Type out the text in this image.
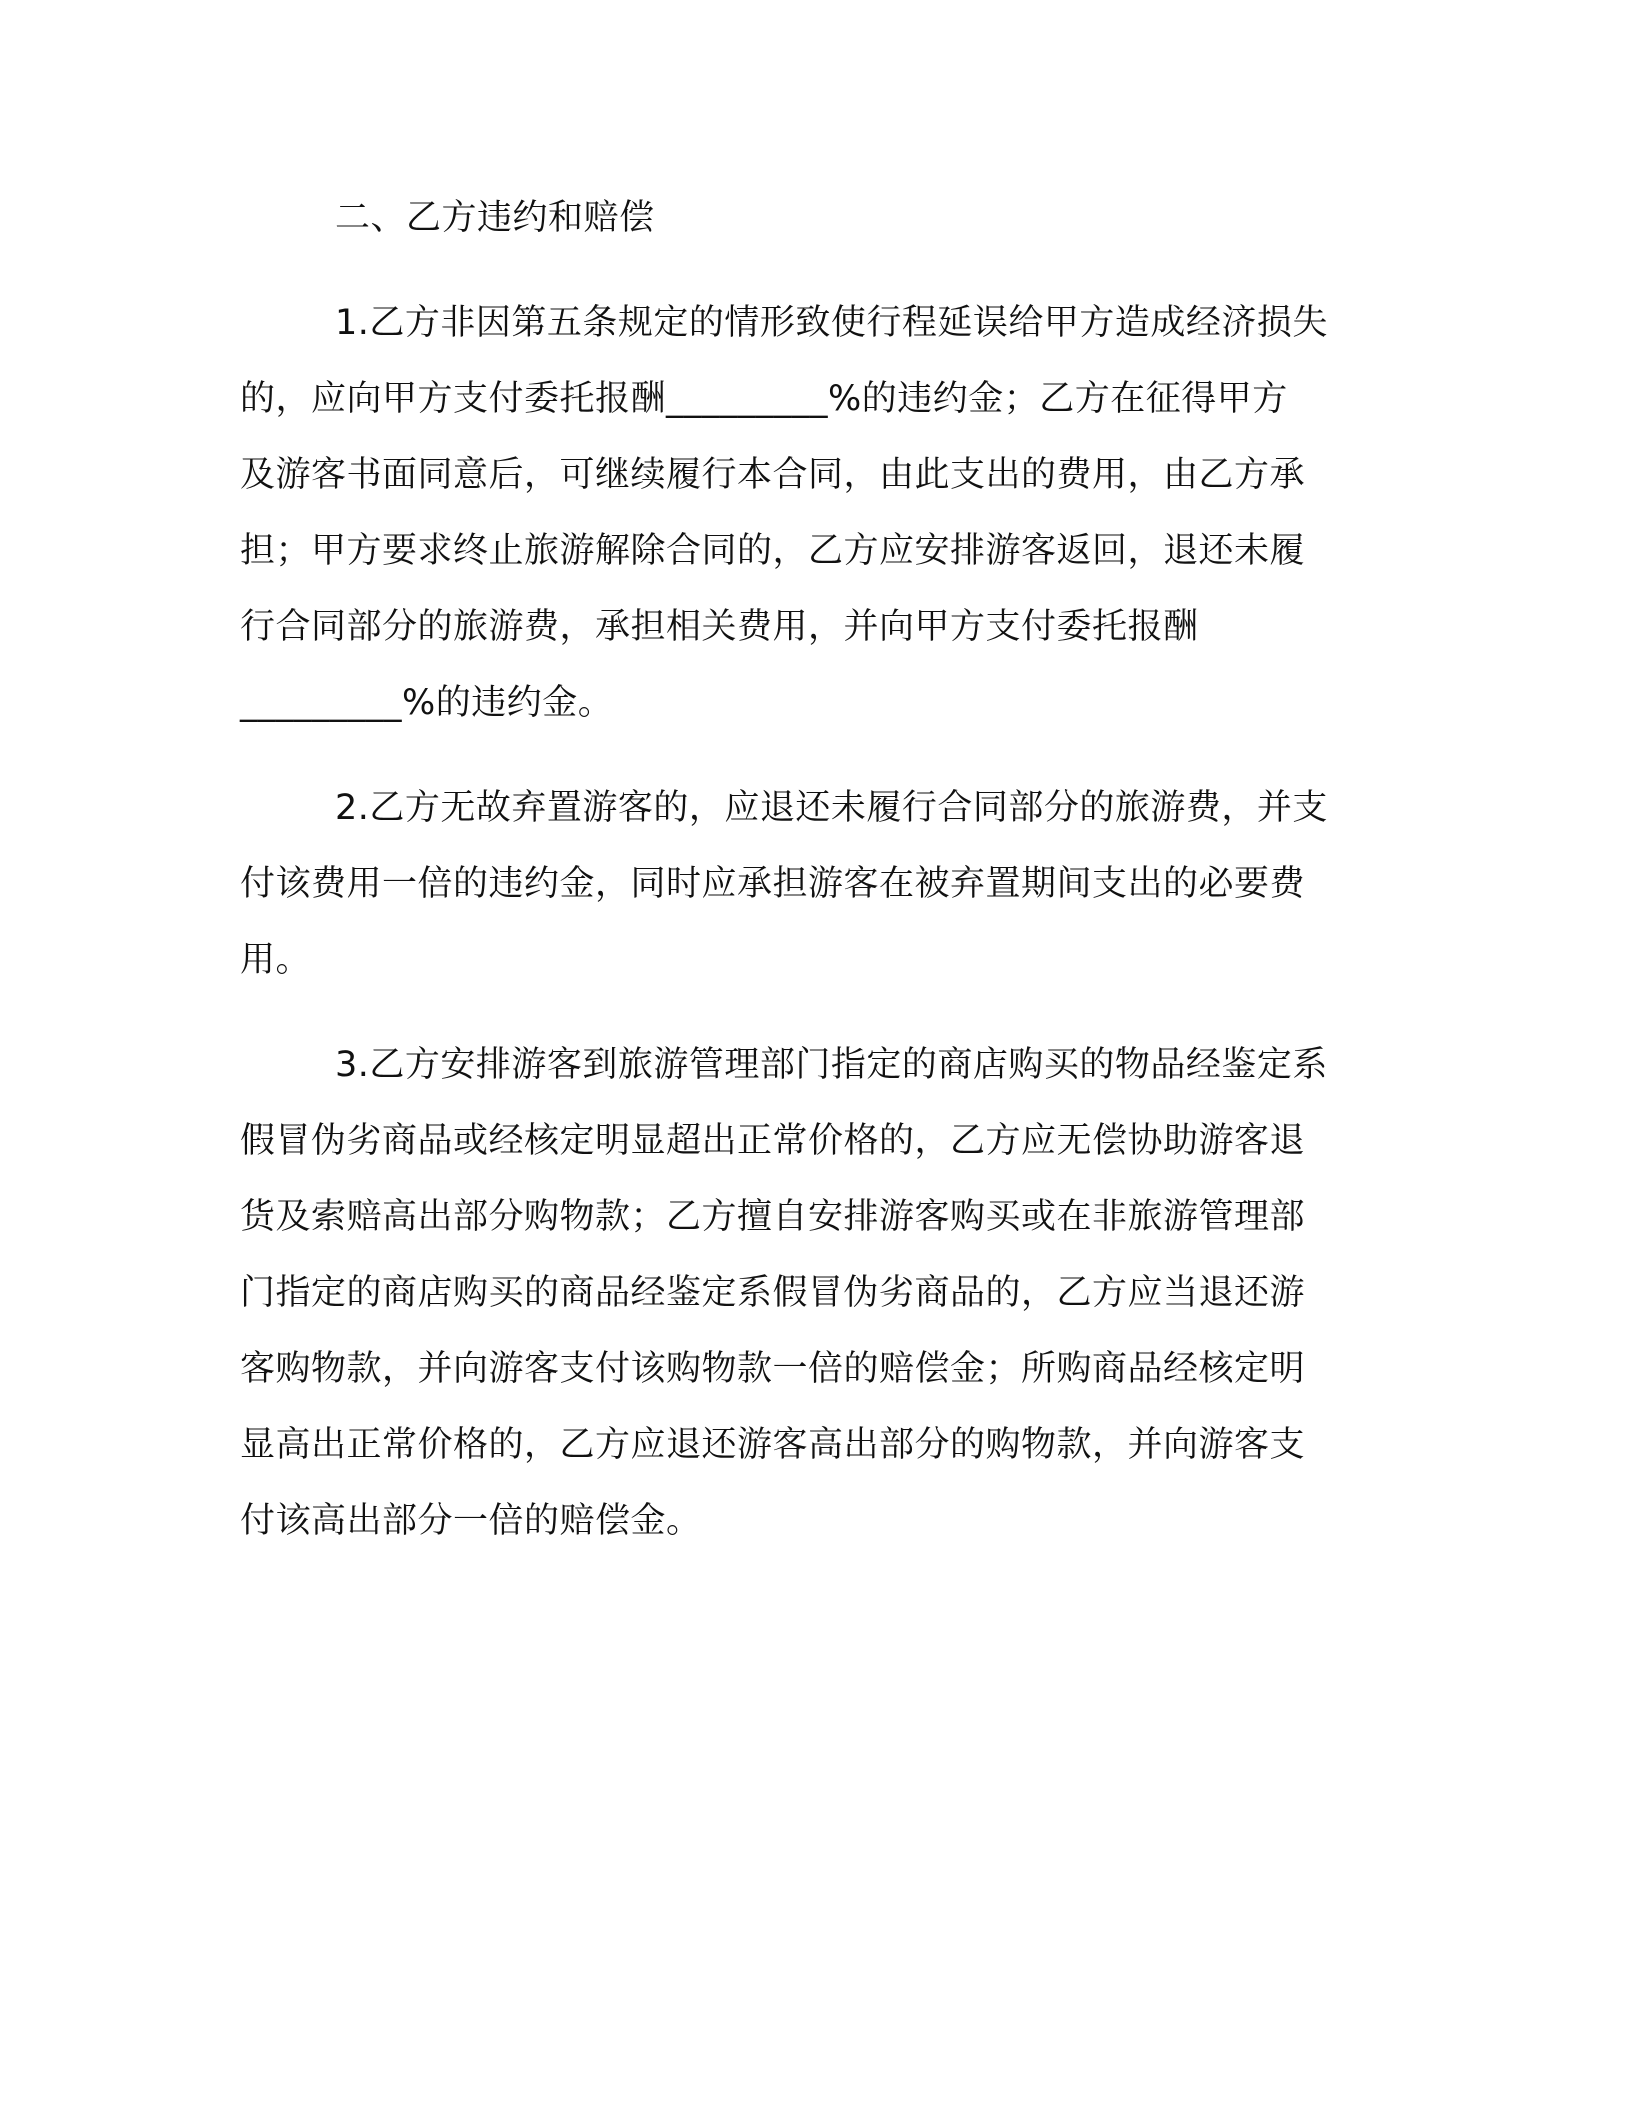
二、乙方违约和赔偿
1.乙方非因第五条规定的情形致使行程延误给甲方造成经济损失
的，应向甲方支付委托报酬_________%的违约金；乙方在征得甲方
及游客书面同意后，可继续履行本合同，由此支出的费用，由乙方承
担；甲方要求终止旅游解除合同的，乙方应安排游客返回，退还未履
行合同部分的旅游费，承担相关费用，并向甲方支付委托报酬
_________%的违约金。
2.乙方无故弃置游客的，应退还未履行合同部分的旅游费，并支
付该费用一倍的违约金，同时应承担游客在被弃置期间支出的必要费
用。
3.乙方安排游客到旅游管理部门指定的商店购买的物品经鉴定系
假冒伪劣商品或经核定明显超出正常价格的，乙方应无偿协助游客退
货及索赔高出部分购物款；乙方擅自安排游客购买或在非旅游管理部
门指定的商店购买的商品经鉴定系假冒伪劣商品的，乙方应当退还游
客购物款，并向游客支付该购物款一倍的赔偿金；所购商品经核定明
显高出正常价格的，乙方应退还游客高出部分的购物款，并向游客支
付该高出部分一倍的赔偿金。
